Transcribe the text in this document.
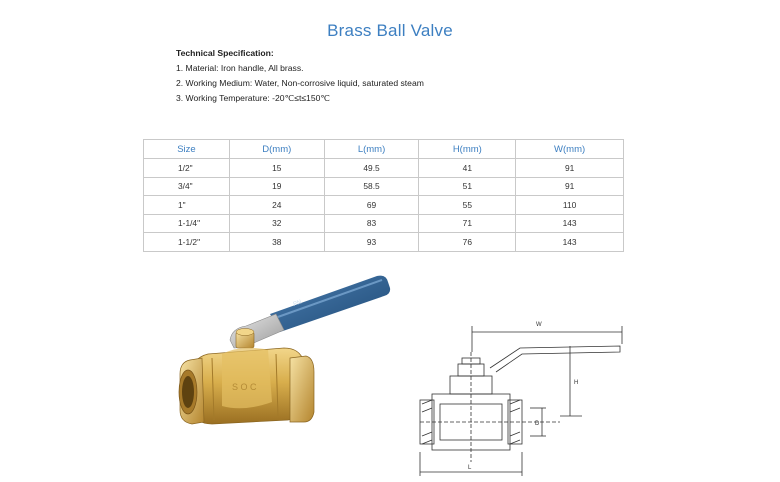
Brass Ball Valve
Technical Specification:
1. Material: Iron handle, All brass.
2. Working Medium: Water, Non-corrosive liquid, saturated steam
3. Working Temperature: -20℃≤t≤150℃
Size	D(mm)	L(mm)	H(mm)	W(mm)
1/2"	15	49.5	41	91
3/4"	19	58.5	51	91
1"	24	69	55	110
1-1/4"	32	83	71	143
1-1/2"	38	93	76	143
PN
S O C
W
H
D
L
